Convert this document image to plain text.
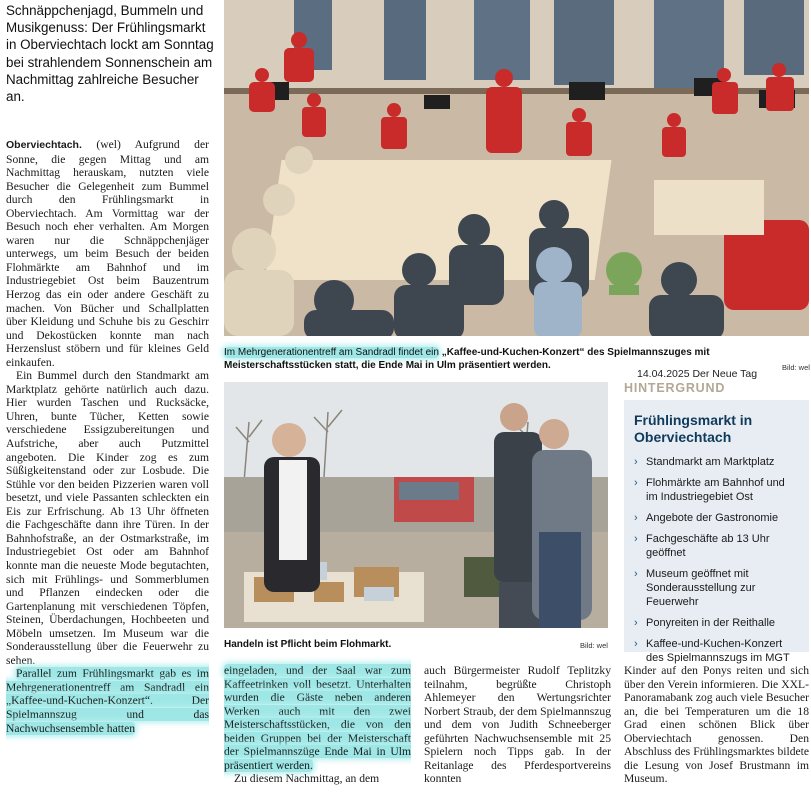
Schnäppchenjagd, Bummeln und Musikgenuss: Der Frühlingsmarkt in Oberviechtach lockt am Sonntag bei strahlendem Sonnenschein am Nachmittag zahlreiche Besucher an.

Oberviechtach. (wel) Aufgrund der Sonne, die gegen Mittag und am Nachmittag herauskam, nutzten viele Besucher die Gelegenheit zum Bummel durch den Frühlingsmarkt in Oberviechtach. Am Vormittag war der Besuch noch eher verhalten. Am Morgen waren nur die Schnäppchenjäger unterwegs, um beim Besuch der beiden Flohmärkte am Bahnhof und im Industriegebiet Ost beim Bauzentrum Herzog das ein oder andere Geschäft zu machen. Von Bücher und Schallplatten über Kleidung und Schuhe bis zu Geschirr und Dekostücken konnte man nach Herzenslust stöbern und für kleines Geld einkaufen.

Ein Bummel durch den Standmarkt am Marktplatz gehörte natürlich auch dazu. Hier wurden Taschen und Rucksäcke, Uhren, bunte Tücher, Ketten sowie verschiedene Essigzubereitungen und Aufstriche, aber auch Putzmittel angeboten. Die Kinder zog es zum Süßigkeitenstand oder zur Losbude. Die Stühle vor den beiden Pizzerien waren voll besetzt, und viele Passanten schleckten ein Eis zur Erfrischung. Ab 13 Uhr öffneten die Fachgeschäfte dann ihre Türen. In der Bahnhofstraße, an der Ostmarkstraße, im Industriegebiet Ost oder am Bahnhof konnte man die neueste Mode begutachten, sich mit Frühlings- und Sommerblumen und Pflanzen eindecken oder die Gartenplanung mit verschiedenen Töpfen, Steinen, Überdachungen, Hochbeeten und Möbeln umsetzen. Im Museum war die Sonderausstellung über die Feuerwehr zu sehen.

Parallel zum Frühlingsmarkt gab es im Mehrgenerationentreff am Sandradl ein „Kaffee-und-Kuchen-Konzert“. Der Spielmannszug und das Nachwuchsensemble hatten

Im Mehrgenerationentreff am Sandradl findet ein „Kaffee-und-Kuchen-Konzert“ des Spielmannszuges mit Meisterschaftsstücken statt, die Ende Mai in Ulm präsentiert werden.	Bild: wel
Handeln ist Pflicht beim Flohmarkt.	Bild: wel
14.04.2025 Der Neue Tag
HINTERGRUND
Frühlingsmarkt in Oberviechtach
› Standmarkt am Marktplatz
› Flohmärkte am Bahnhof und im Industriegebiet Ost
› Angebote der Gastronomie
› Fachgeschäfte ab 13 Uhr geöffnet
› Museum geöffnet mit Sonderausstellung zur Feuerwehr
› Ponyreiten in der Reithalle
› Kaffee-und-Kuchen-Konzert des Spielmannszugs im MGT

eingeladen, und der Saal war zum Kaffeetrinken voll besetzt. Unterhalten wurden die Gäste neben anderen Werken auch mit den zwei Meisterschaftsstücken, die von den beiden Gruppen bei der Meisterschaft der Spielmannszüge Ende Mai in Ulm präsentiert werden.

Zu diesem Nachmittag, an dem

auch Bürgermeister Rudolf Teplitzky teilnahm, begrüßte Christoph Ahlemeyer den Wertungsrichter Norbert Straub, der dem Spielmannszug und dem von Judith Schneeberger geführten Nachwuchsensemble mit 25 Spielern noch Tipps gab. In der Reitanlage des Pferdesportvereins konnten

Kinder auf den Ponys reiten und sich über den Verein informieren. Die XXL-Panoramabank zog auch viele Besucher an, die bei Temperaturen um die 18 Grad einen schönen Blick über Oberviechtach genossen. Den Abschluss des Frühlingsmarktes bildete die Lesung von Josef Brustmann im Museum.
